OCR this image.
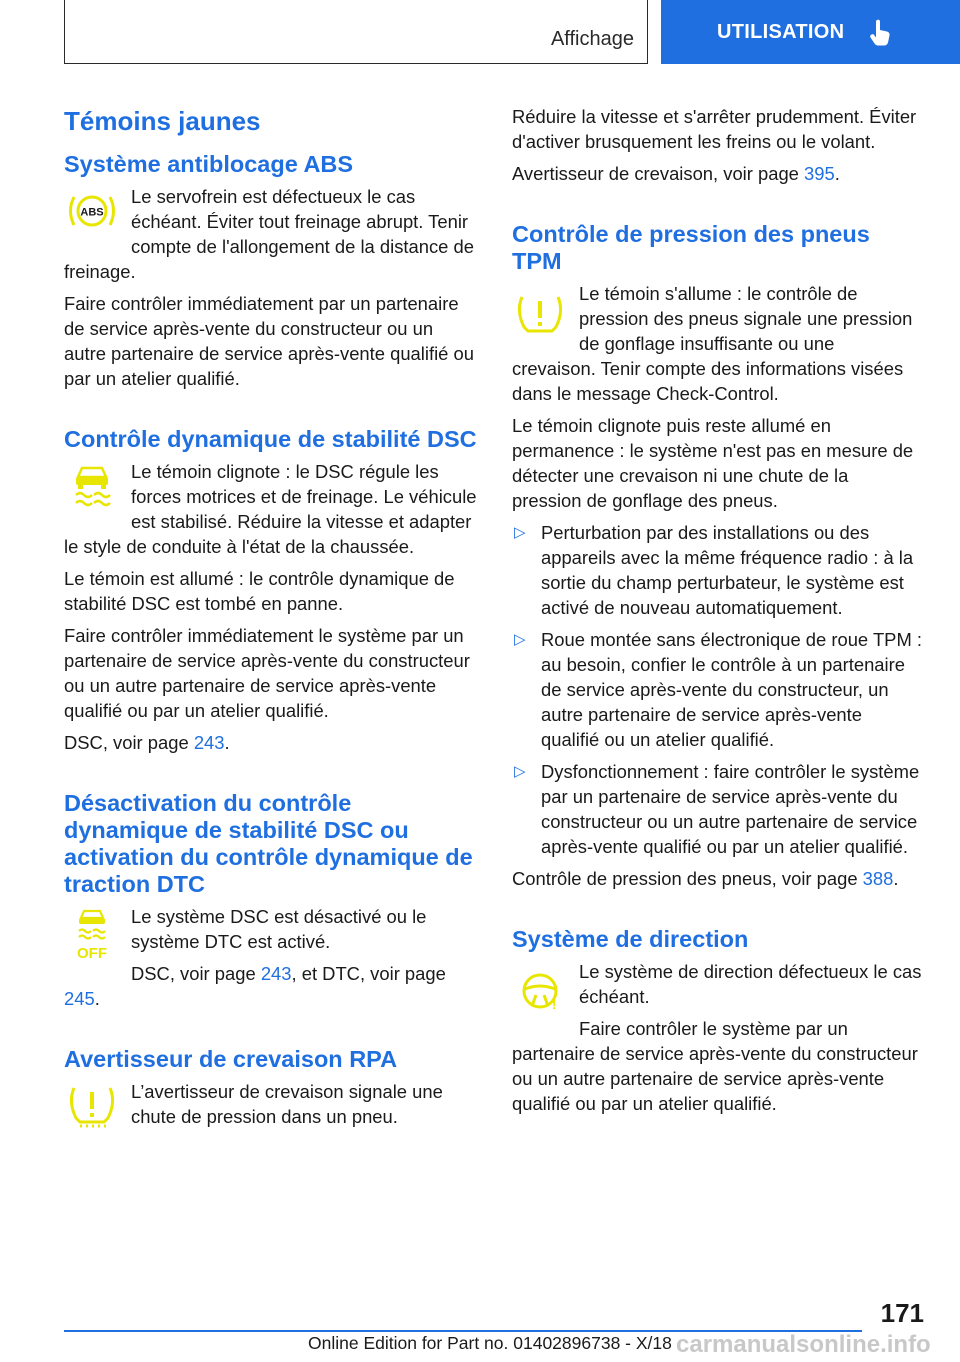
Affichage	UTILISATION
Témoins jaunes
Système antiblocage ABS
ABS

Le servofrein est défectueux le cas échéant. Éviter tout freinage abrupt. Tenir compte de l'allongement de la distance de freinage.

Faire contrôler immédiatement par un partenaire de service après-vente du constructeur ou un autre partenaire de service après-vente qualifié ou par un atelier qualifié.

Contrôle dynamique de stabilité DSC

Le témoin clignote : le DSC régule les forces motrices et de freinage. Le véhicule est stabilisé. Réduire la vitesse et adapter le style de conduite à l'état de la chaussée.

Le témoin est allumé : le contrôle dynamique de stabilité DSC est tombé en panne.

Faire contrôler immédiatement le système par un partenaire de service après-vente du constructeur ou un autre partenaire de service après-vente qualifié ou par un atelier qualifié.

DSC, voir page 243.

Désactivation du contrôle dynamique de stabilité DSC ou activation du contrôle dynamique de traction DTC
OFF

Le système DSC est désactivé ou le système DTC est activé.

DSC, voir page 243, et DTC, voir page 245.

Avertisseur de crevaison RPA

L’avertisseur de crevaison signale une chute de pression dans un pneu.

Réduire la vitesse et s'arrêter prudemment. Éviter d'activer brusquement les freins ou le volant.

Avertisseur de crevaison, voir page 395.

Contrôle de pression des pneus TPM

Le témoin s'allume : le contrôle de pression des pneus signale une pression de gonflage insuffisante ou une crevaison. Tenir compte des informations visées dans le message Check-Control.

Le témoin clignote puis reste allumé en permanence : le système n'est pas en mesure de détecter une crevaison ni une chute de la pression de gonflage des pneus.

▷ Perturbation par des installations ou des appareils avec la même fréquence radio : à la sortie du champ perturbateur, le système est activé de nouveau automatiquement.
▷ Roue montée sans électronique de roue TPM : au besoin, confier le contrôle à un partenaire de service après-vente du constructeur, un autre partenaire de service après-vente qualifié ou un atelier qualifié.
▷ Dysfonctionnement : faire contrôler le système par un partenaire de service après-vente du constructeur ou un autre partenaire de service après-vente qualifié ou par un atelier qualifié.

Contrôle de pression des pneus, voir page 388.

Système de direction
!

Le système de direction défectueux le cas échéant.

Faire contrôler le système par un partenaire de service après-vente du constructeur ou un autre partenaire de service après-vente qualifié ou par un atelier qualifié.

171
carmanualsonline.info
Online Edition for Part no. 01402896738 - X/18
